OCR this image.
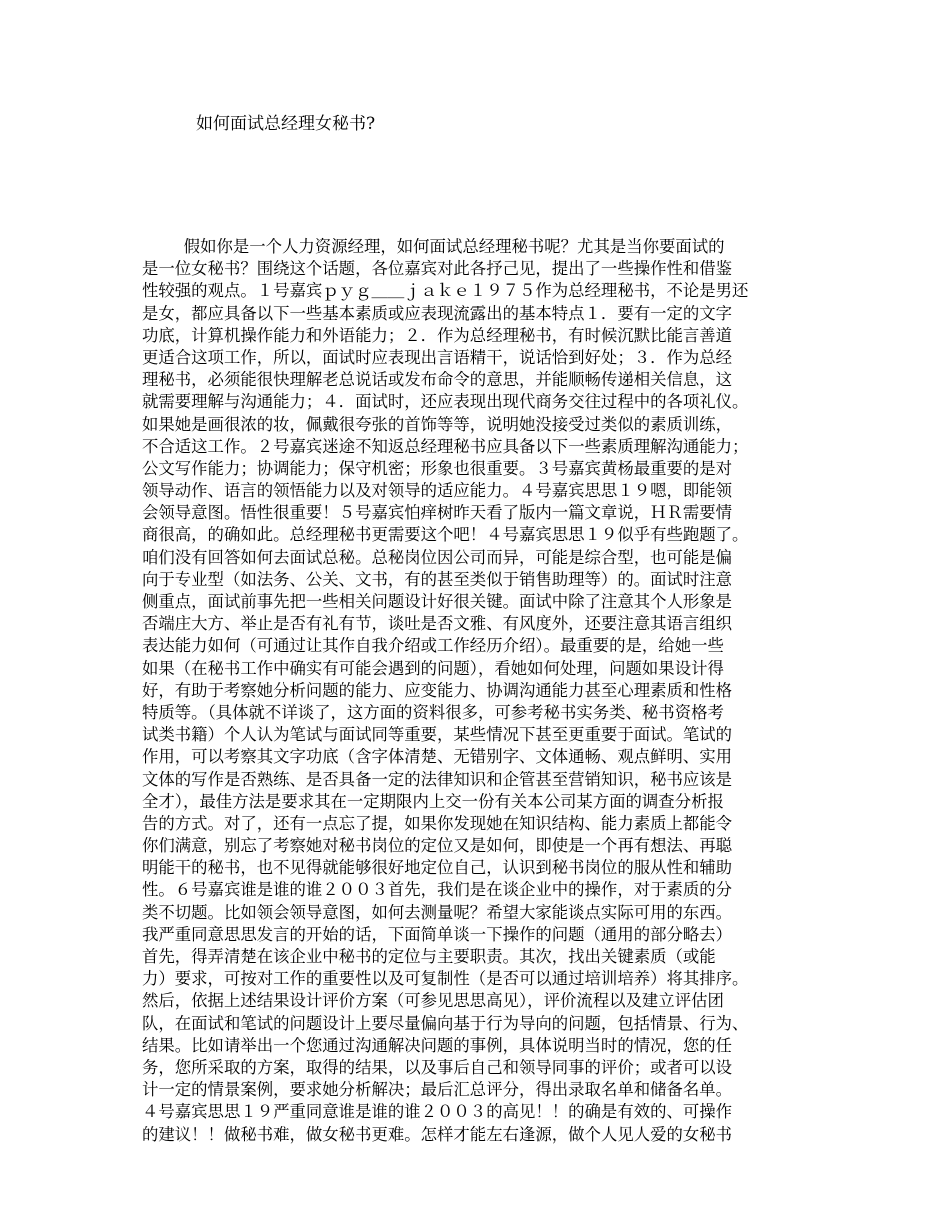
如何面试总经理女秘书?

假如你是一个人力资源经理，如何面试总经理秘书呢？尤其是当你要面试的

是一位女秘书？围绕这个话题，各位嘉宾对此各抒己见，提出了一些操作性和借鉴

性较强的观点。１号嘉宾ｐｙｇ＿＿ｊａｋｅ１９７５作为总经理秘书，不论是男还

是女，都应具备以下一些基本素质或应表现流露出的基本特点１．要有一定的文字

功底，计算机操作能力和外语能力；２．作为总经理秘书，有时候沉默比能言善道

更适合这项工作，所以，面试时应表现出言语精干，说话恰到好处；３．作为总经

理秘书，必须能很快理解老总说话或发布命令的意思，并能顺畅传递相关信息，这

就需要理解与沟通能力；４．面试时，还应表现出现代商务交往过程中的各项礼仪。

如果她是画很浓的妆，佩戴很夸张的首饰等等，说明她没接受过类似的素质训练，

不合适这工作。２号嘉宾迷途不知返总经理秘书应具备以下一些素质理解沟通能力；

公文写作能力；协调能力；保守机密；形象也很重要。３号嘉宾黄杨最重要的是对

领导动作、语言的领悟能力以及对领导的适应能力。４号嘉宾思思１９嗯，即能领

会领导意图。悟性很重要！５号嘉宾怕痒树昨天看了版内一篇文章说，ＨＲ需要情

商很高，的确如此。总经理秘书更需要这个吧！４号嘉宾思思１９似乎有些跑题了。

咱们没有回答如何去面试总秘。总秘岗位因公司而异，可能是综合型，也可能是偏

向于专业型（如法务、公关、文书，有的甚至类似于销售助理等）的。面试时注意

侧重点，面试前事先把一些相关问题设计好很关键。面试中除了注意其个人形象是

否端庄大方、举止是否有礼有节，谈吐是否文雅、有风度外，还要注意其语言组织

表达能力如何（可通过让其作自我介绍或工作经历介绍）。最重要的是，给她一些

如果（在秘书工作中确实有可能会遇到的问题），看她如何处理，问题如果设计得

好，有助于考察她分析问题的能力、应变能力、协调沟通能力甚至心理素质和性格

特质等。（具体就不详谈了，这方面的资料很多，可参考秘书实务类、秘书资格考

试类书籍）个人认为笔试与面试同等重要，某些情况下甚至更重要于面试。笔试的

作用，可以考察其文字功底（含字体清楚、无错别字、文体通畅、观点鲜明、实用

文体的写作是否熟练、是否具备一定的法律知识和企管甚至营销知识，秘书应该是

全才），最佳方法是要求其在一定期限内上交一份有关本公司某方面的调查分析报

告的方式。对了，还有一点忘了提，如果你发现她在知识结构、能力素质上都能令

你们满意，别忘了考察她对秘书岗位的定位又是如何，即使是一个再有想法、再聪

明能干的秘书，也不见得就能够很好地定位自己，认识到秘书岗位的服从性和辅助

性。６号嘉宾谁是谁的谁２００３首先，我们是在谈企业中的操作，对于素质的分

类不切题。比如领会领导意图，如何去测量呢？希望大家能谈点实际可用的东西。

我严重同意思思发言的开始的话，下面简单谈一下操作的问题（通用的部分略去）

首先，得弄清楚在该企业中秘书的定位与主要职责。其次，找出关键素质（或能

力）要求，可按对工作的重要性以及可复制性（是否可以通过培训培养）将其排序。

然后，依据上述结果设计评价方案（可参见思思高见），评价流程以及建立评估团

队，在面试和笔试的问题设计上要尽量偏向基于行为导向的问题，包括情景、行为、

结果。比如请举出一个您通过沟通解决问题的事例，具体说明当时的情况，您的任

务，您所采取的方案，取得的结果，以及事后自己和领导同事的评价；或者可以设

计一定的情景案例，要求她分析解决；最后汇总评分，得出录取名单和储备名单。

４号嘉宾思思１９严重同意谁是谁的谁２００３的高见！！的确是有效的、可操作

的建议！！做秘书难，做女秘书更难。怎样才能左右逢源，做个人见人爱的女秘书
